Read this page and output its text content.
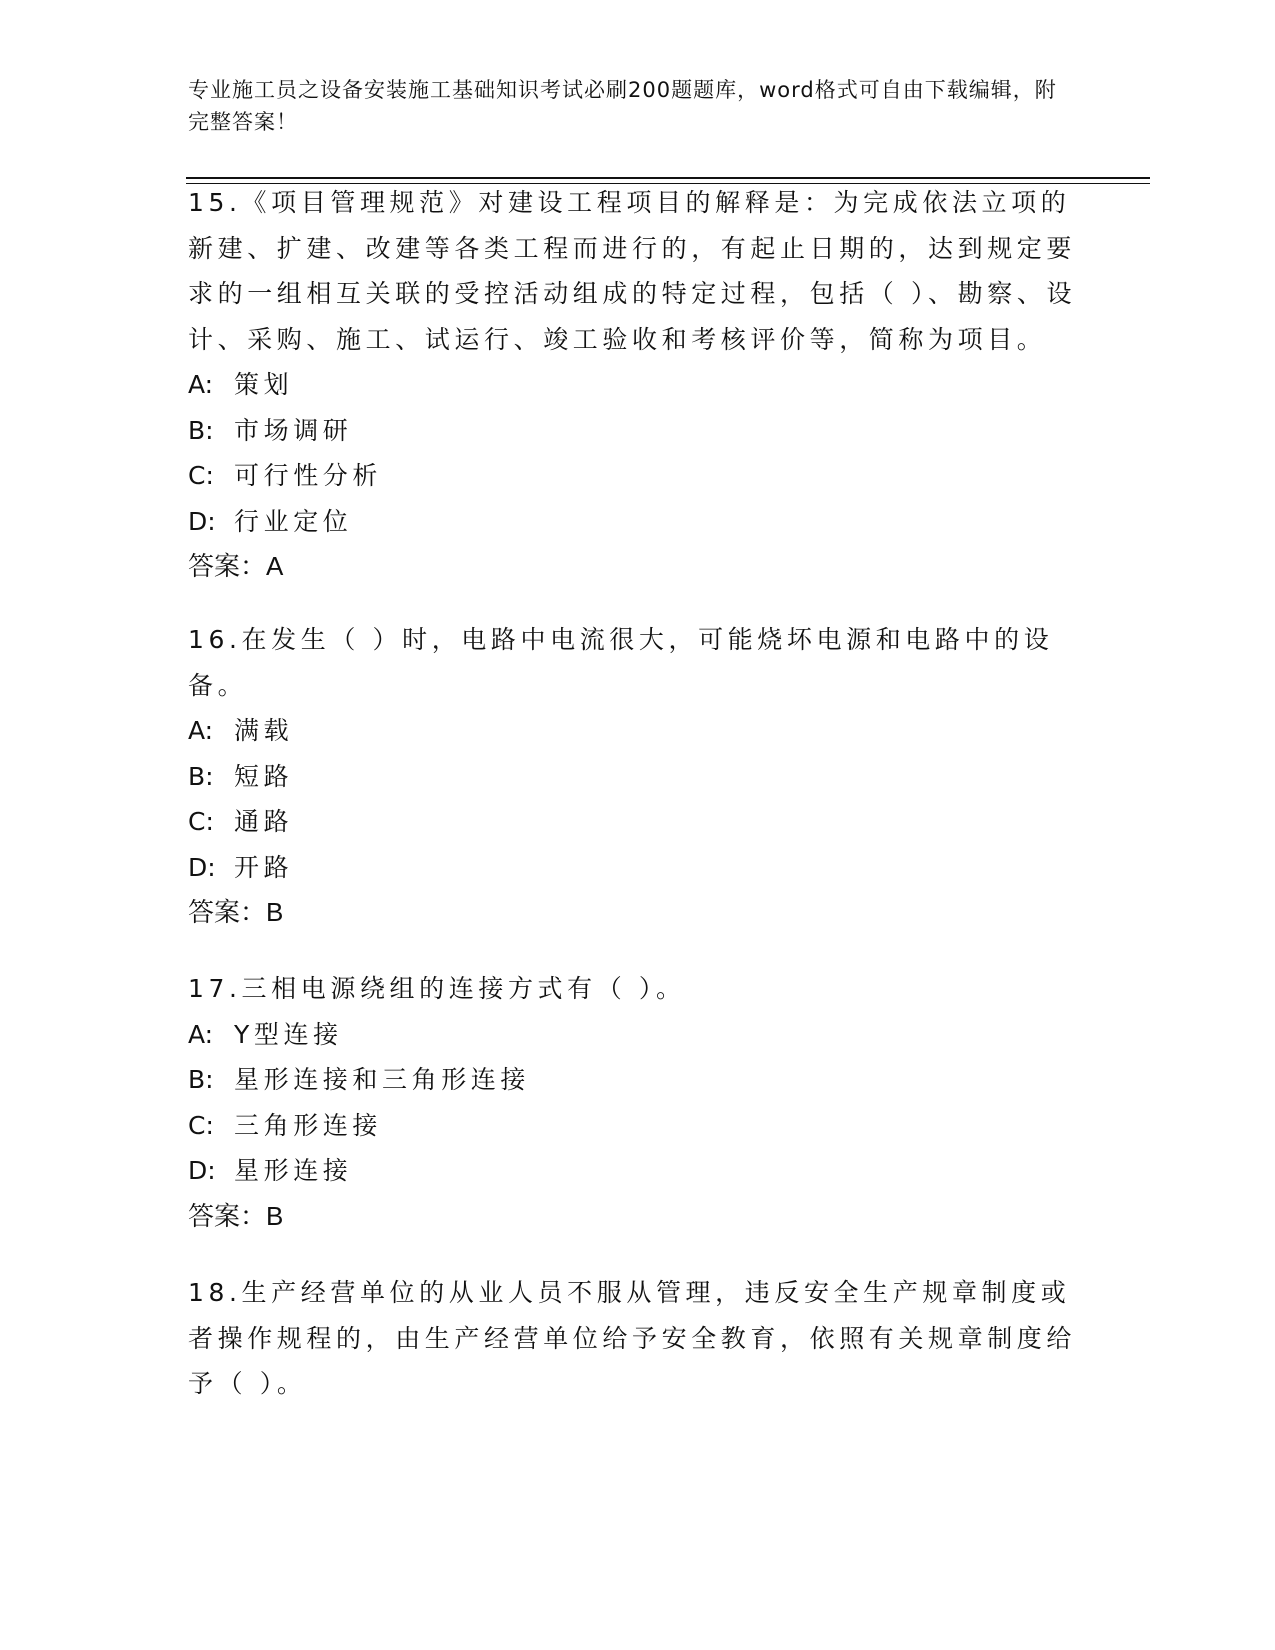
专业施工员之设备安装施工基础知识考试必刷200题题库，word格式可自由下载编辑，附完整答案！

15.《项目管理规范》对建设工程项目的解释是：为完成依法立项的新建、扩建、改建等各类工程而进行的，有起止日期的，达到规定要求的一组相互关联的受控活动组成的特定过程，包括（ ）、勘察、设计、采购、施工、试运行、竣工验收和考核评价等，简称为项目。

A: 策划
B: 市场调研
C: 可行性分析
D: 行业定位
答案：A

16.在发生（ ）时，电路中电流很大，可能烧坏电源和电路中的设备。

A: 满载
B: 短路
C: 通路
D: 开路
答案：B

17.三相电源绕组的连接方式有（ ）。

A: Y型连接
B: 星形连接和三角形连接
C: 三角形连接
D: 星形连接
答案：B

18.生产经营单位的从业人员不服从管理，违反安全生产规章制度或者操作规程的，由生产经营单位给予安全教育，依照有关规章制度给予（ ）。
